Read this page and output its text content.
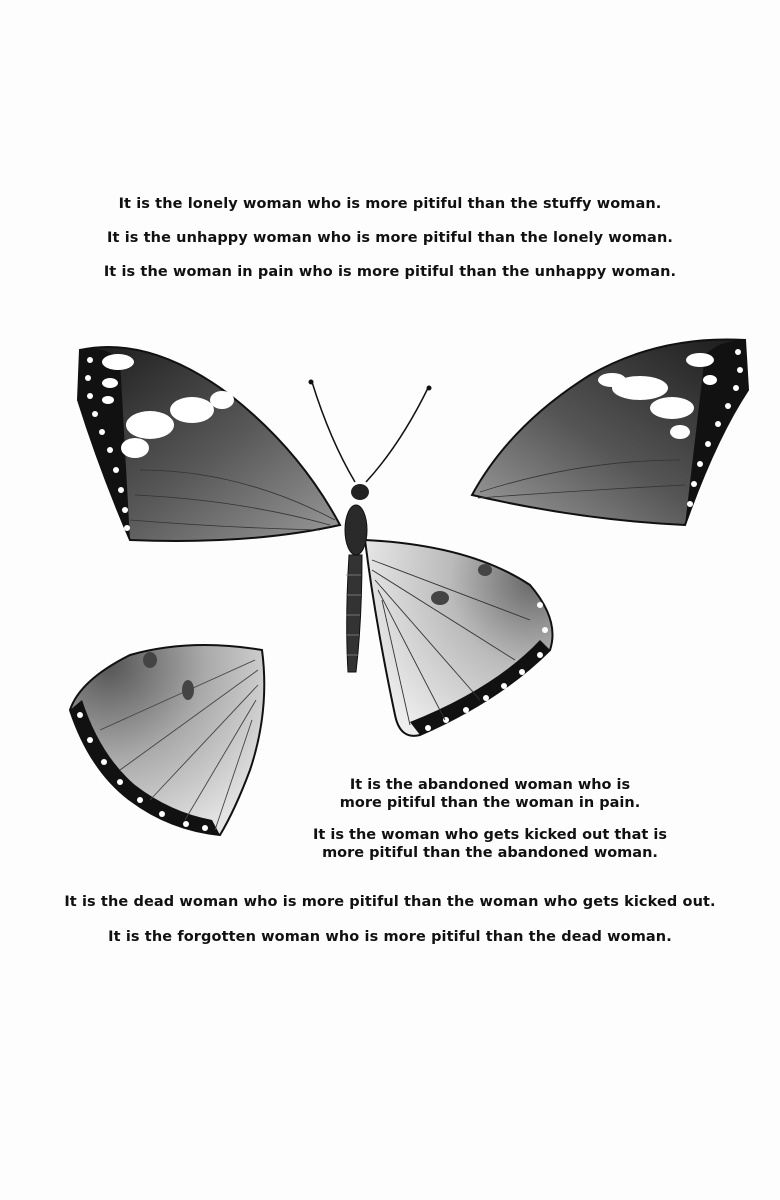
It is the lonely woman who is more pitiful than the stuffy woman.
It is the unhappy woman who is more pitiful than the lonely woman.
It is the woman in pain who is more pitiful than the unhappy woman.
It is the abandoned woman who is
more pitiful than the woman in pain.
It is the woman who gets kicked out that is
more pitiful than the abandoned woman.
It is the dead woman who is more pitiful than the woman who gets kicked out.
It is the forgotten woman who is more pitiful than the dead woman.
